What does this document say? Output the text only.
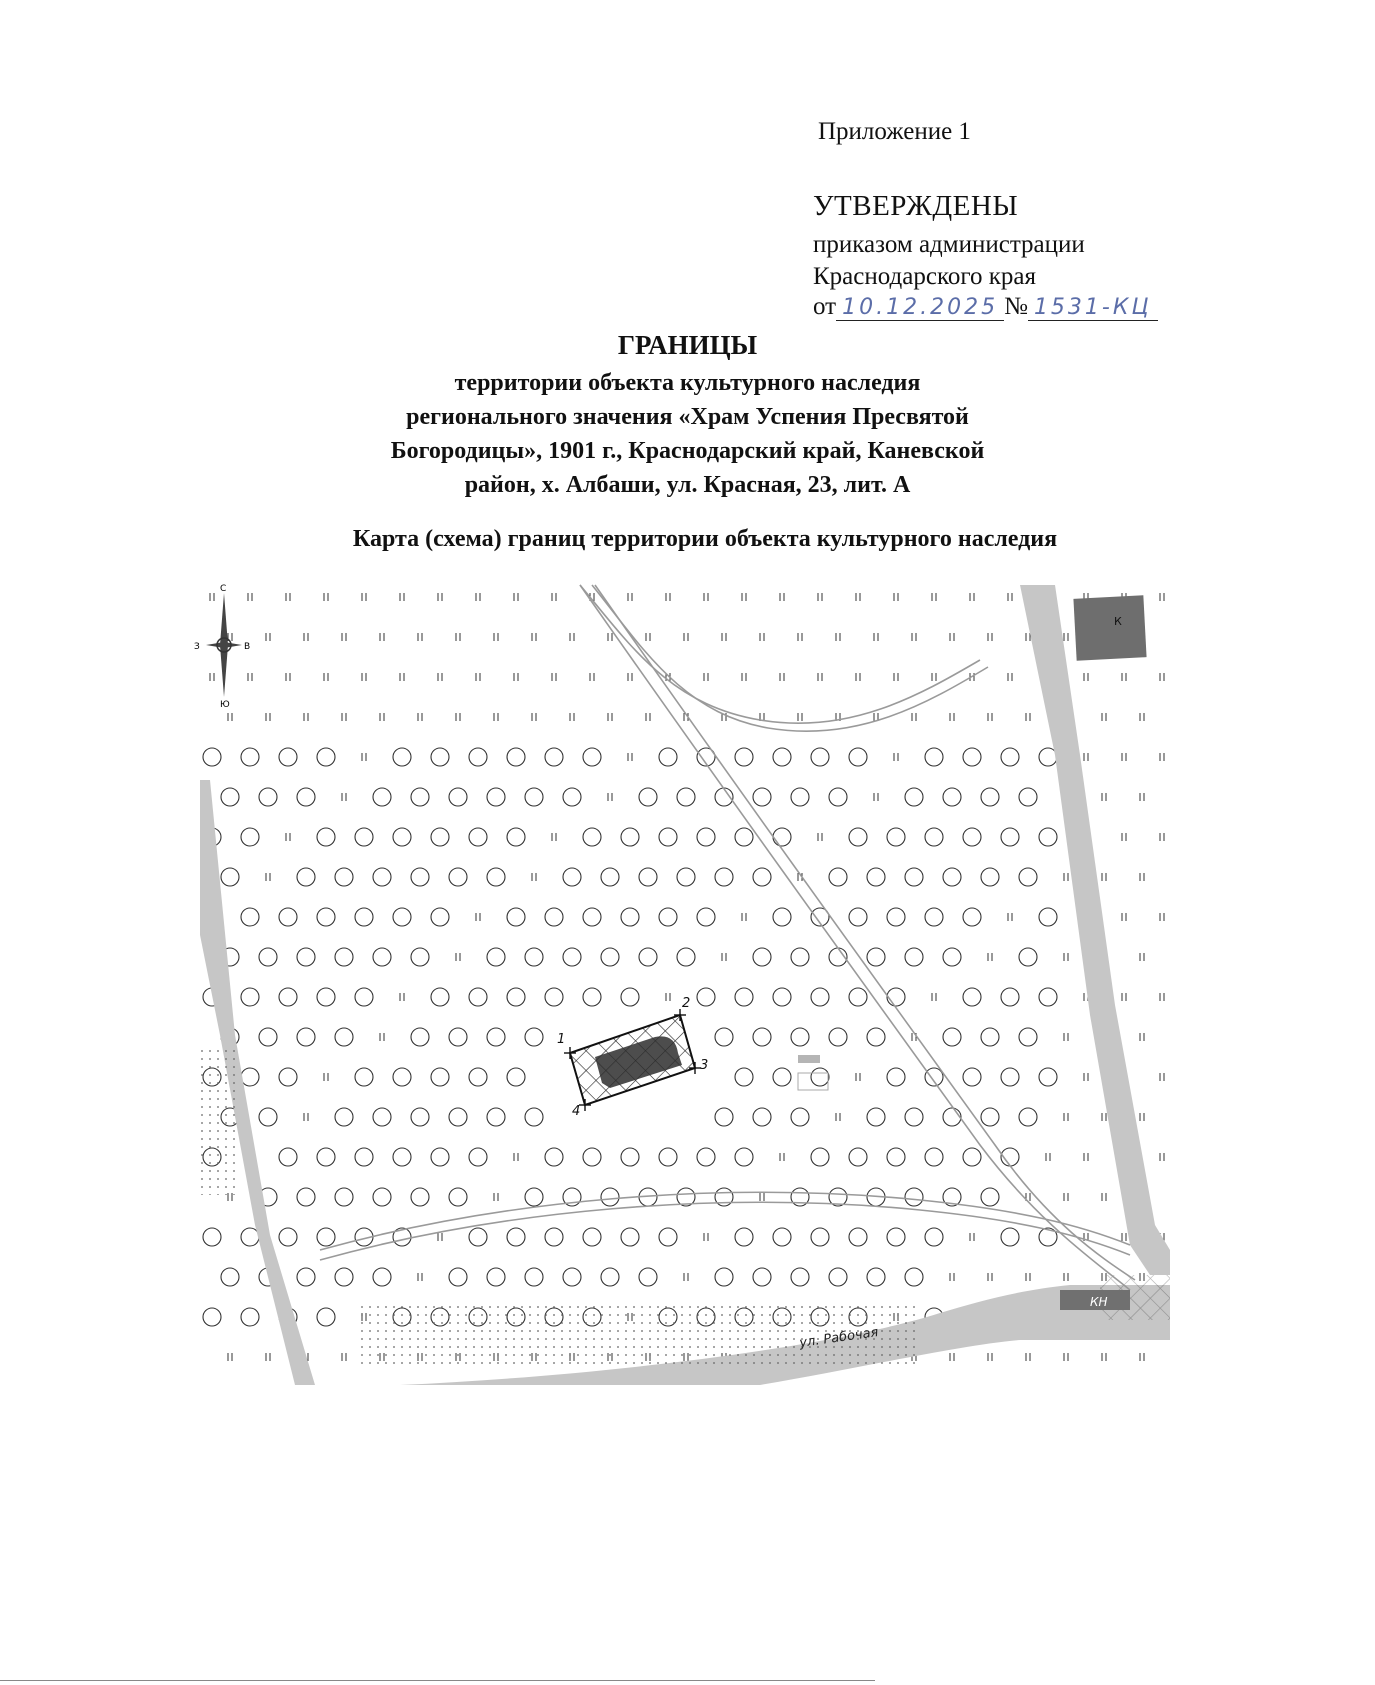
Приложение 1
УТВЕРЖДЕНЫ
приказом администрации
Краснодарского края
от 10.12.2025 № 1531-КЦ
ГРАНИЦЫ
территории объекта культурного наследия
регионального значения «Храм Успения Пресвятой
Богородицы», 1901 г., Краснодарский край, Каневской
район, х. Албаши, ул. Красная, 23, лит. А
Карта (схема) границ территории объекта культурного наследия
К
КН
1
2
3
4
ул. Рабочая
С
Ю
З	В
